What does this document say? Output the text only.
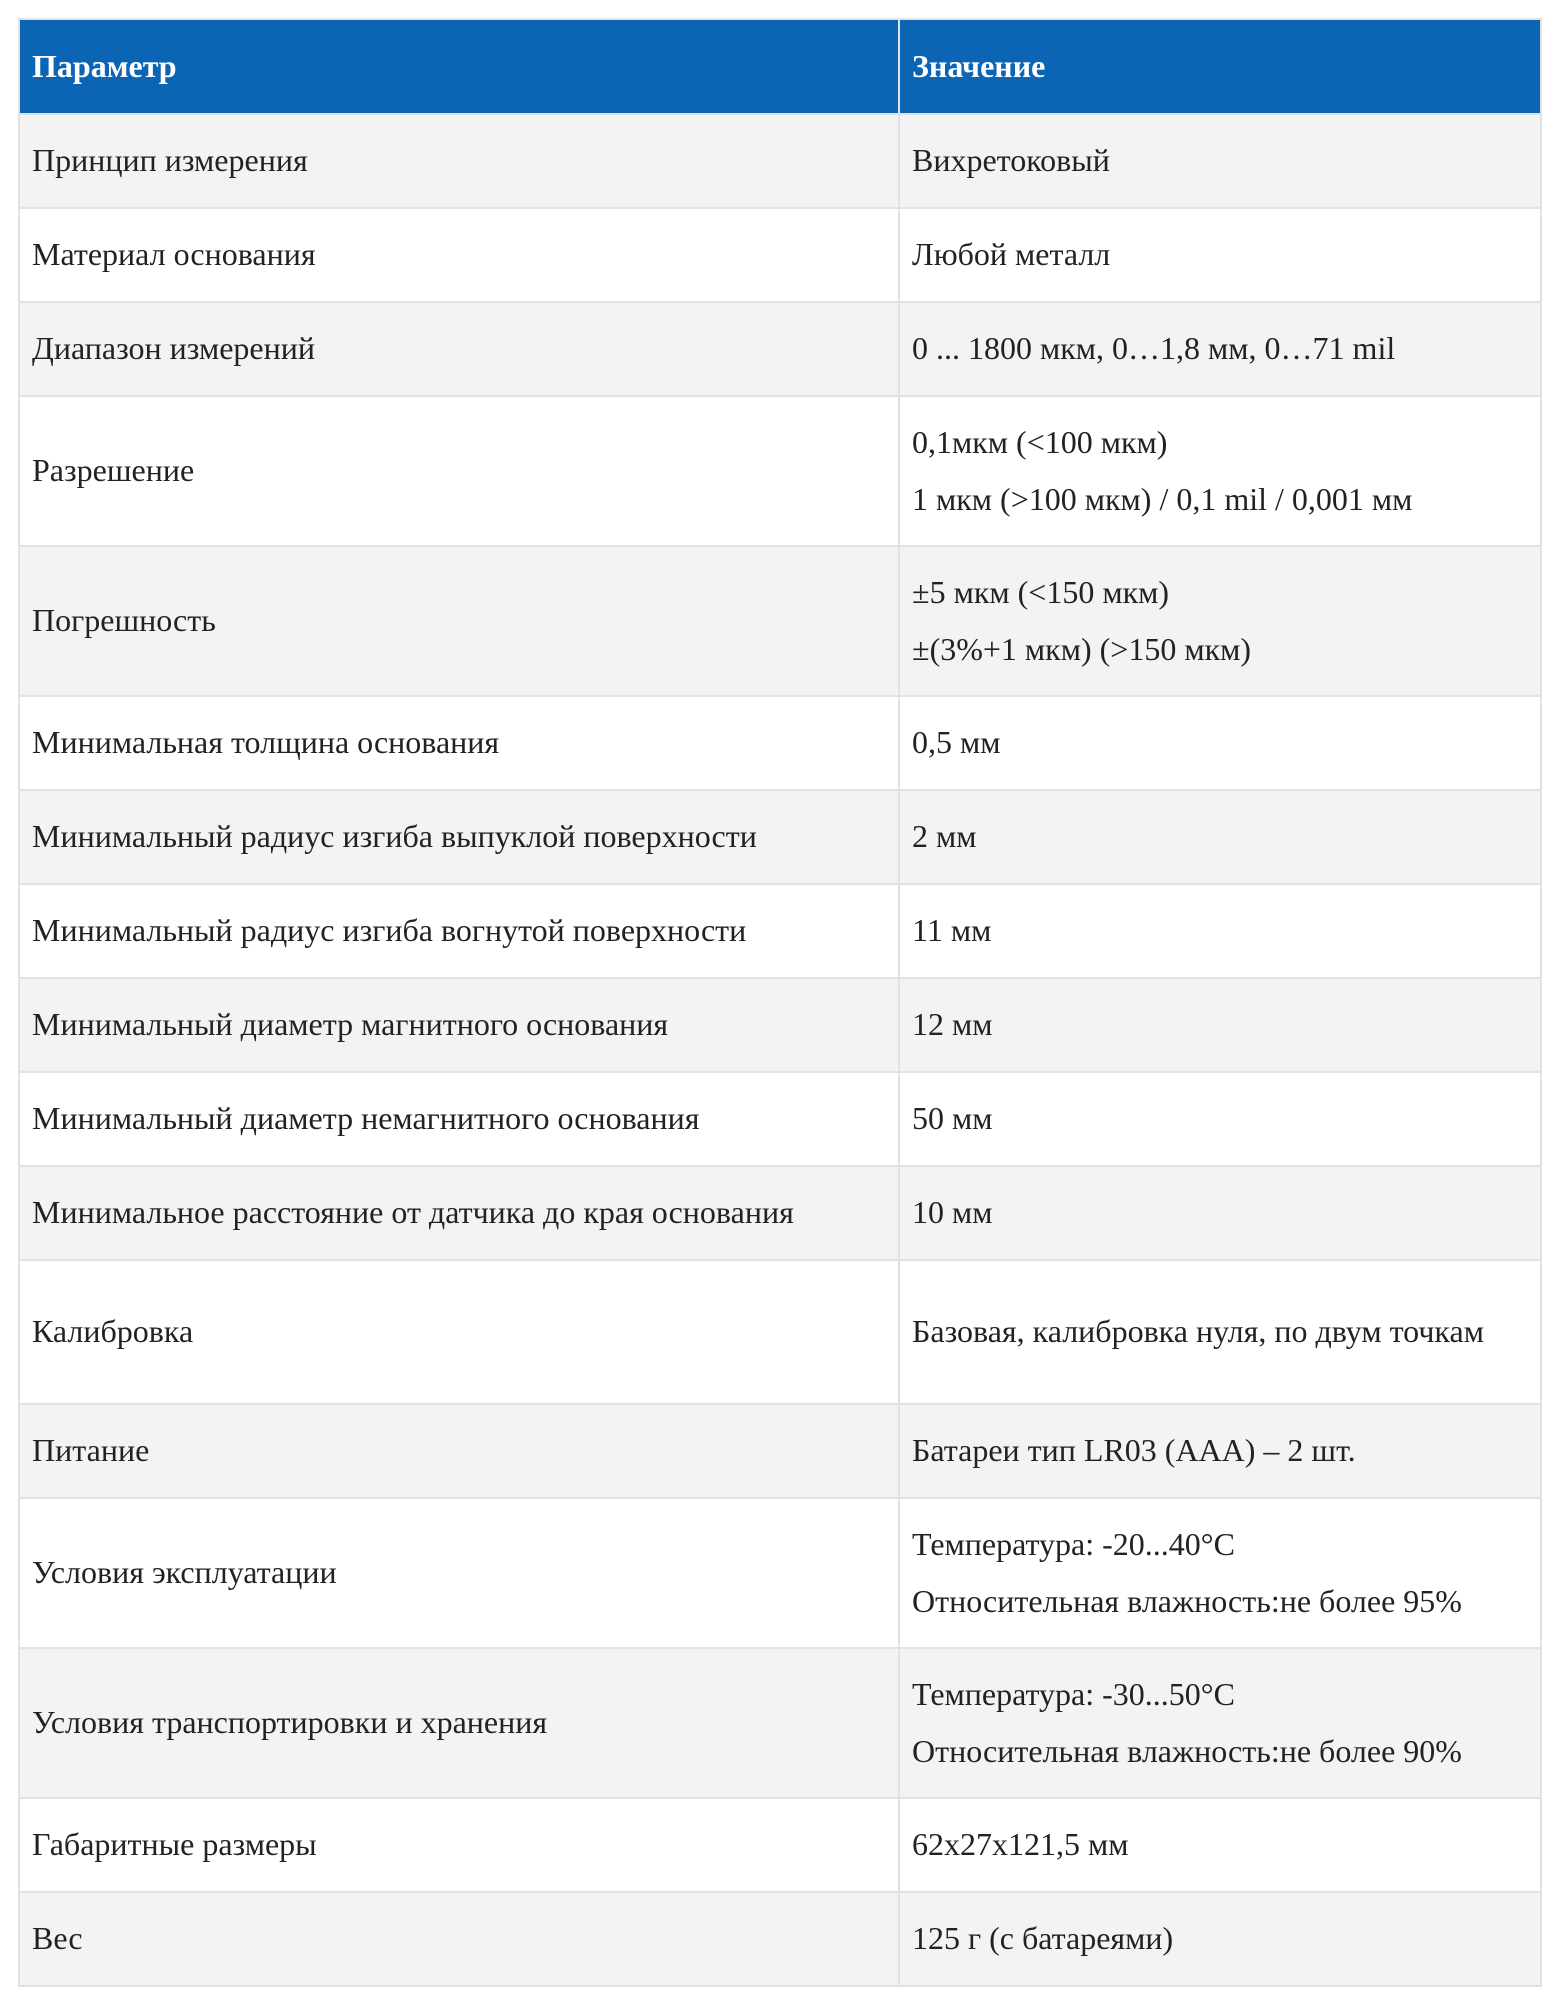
Параметр	Значение
Принцип измерения	Вихретоковый

Материал основания	Любой металл

Диапазон измерений	0 ... 1800 мкм, 0…1,8 мм, 0…71 mil

Разрешение	0,1мкм (<100 мкм)
1 мкм (>100 мкм) / 0,1 mil / 0,001 мм

Погрешность	±5 мкм (<150 мкм)
±(3%+1 мкм) (>150 мкм)

Минимальная толщина основания	0,5 мм

Минимальный радиус изгиба выпуклой поверхности	2 мм

Минимальный радиус изгиба вогнутой поверхности	11 мм

Минимальный диаметр магнитного основания	12 мм

Минимальный диаметр немагнитного основания	50 мм

Минимальное расстояние от датчика до края основания	10 мм

Калибровка	Базовая, калибровка нуля, по двум точкам

Питание	Батареи тип LR03 (AAA) – 2 шт.

Условия эксплуатации	Температура: -20...40°С
Относительная влажность:не более 95%

Условия транспортировки и хранения	Температура: -30...50°С
Относительная влажность:не более 90%

Габаритные размеры	62х27х121,5 мм

Вес	125 г (с батареями)
